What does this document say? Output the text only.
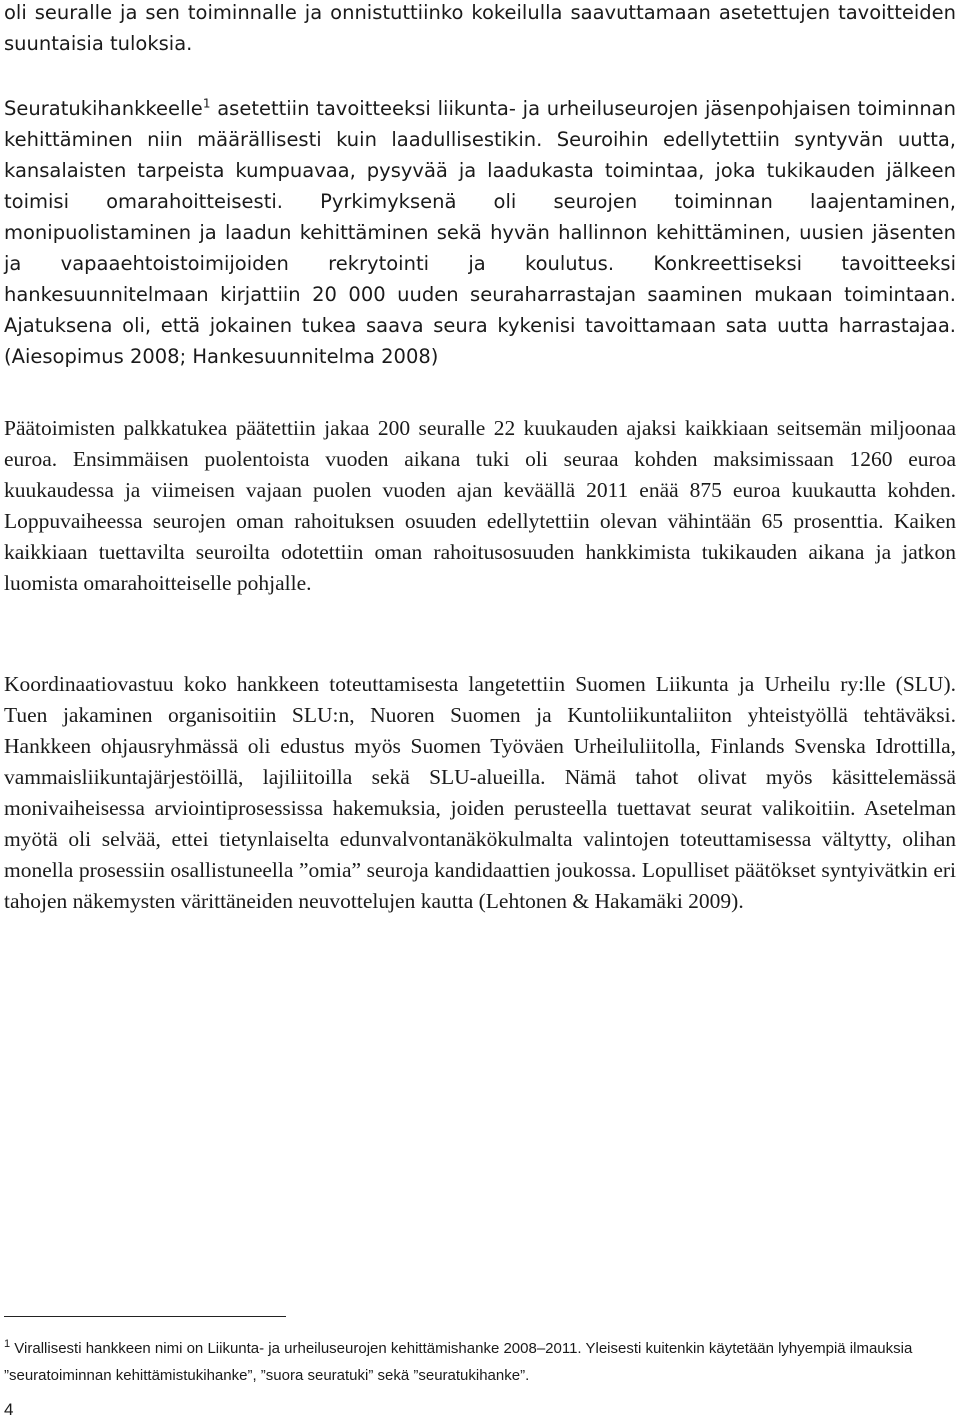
oli seuralle ja sen toiminnalle ja onnistuttiinko kokeilulla saavuttamaan asetettujen tavoitteiden suuntaisia tuloksia.

Seuratukihankkeelle$^1$ asetettiin tavoitteeksi liikunta- ja urheiluseurojen jäsenpohjaisen toiminnan kehittäminen niin määrällisesti kuin laadullisestikin. Seuroihin edellytettiin syntyvän uutta, kansalaisten tarpeista kumpuavaa, pysyvää ja laadukasta toimintaa, joka tukikauden jälkeen toimisi omarahoitteisesti. Pyrkimyksenä oli seurojen toiminnan laajentaminen, monipuolistaminen ja laadun kehittäminen sekä hyvän hallinnon kehittäminen, uusien jäsenten ja vapaaehtoistoimijoiden rekrytointi ja koulutus. Konkreettiseksi tavoitteeksi hankesuunnitelmaan kirjattiin 20 000 uuden seuraharrastajan saaminen mukaan toimintaan. Ajatuksena oli, että jokainen tukea saava seura kykenisi tavoittamaan sata uutta harrastajaa. (Aiesopimus 2008; Hankesuunnitelma 2008)

Päätoimisten palkkatukea päätettiin jakaa 200 seuralle 22 kuukauden ajaksi kaikkiaan seitsemän miljoonaa euroa. Ensimmäisen puolentoista vuoden aikana tuki oli seuraa kohden maksimissaan 1260 euroa kuukaudessa ja viimeisen vajaan puolen vuoden ajan keväällä 2011 enää 875 euroa kuukautta kohden. Loppuvaiheessa seurojen oman rahoituksen osuuden edellytettiin olevan vähintään 65 prosenttia. Kaiken kaikkiaan tuettavilta seuroilta odotettiin oman rahoitusosuuden hankkimista tukikauden aikana ja jatkon luomista omarahoitteiselle pohjalle.

Koordinaatiovastuu koko hankkeen toteuttamisesta langetettiin Suomen Liikunta ja Urheilu ry:lle (SLU). Tuen jakaminen organisoitiin SLU:n, Nuoren Suomen ja Kuntoliikuntaliiton yhteistyöllä tehtäväksi. Hankkeen ohjausryhmässä oli edustus myös Suomen Työväen Urheiluliitolla, Finlands Svenska Idrottilla, vammaisliikuntajärjestöillä, lajiliitoilla sekä SLU-alueilla. Nämä tahot olivat myös käsittelemässä monivaiheisessa arviointiprosessissa hakemuksia, joiden perusteella tuettavat seurat valikoitiin. Asetelman myötä oli selvää, ettei tietynlaiselta edunvalvontanäkökulmalta valintojen toteuttamisessa vältytty, olihan monella prosessiin osallistuneella ”omia” seuroja kandidaattien joukossa. Lopulliset päätökset syntyivätkin eri tahojen näkemysten värittäneiden neuvottelujen kautta (Lehtonen & Hakamäki 2009).

$^1$ Virallisesti hankkeen nimi on Liikunta- ja urheiluseurojen kehittämishanke 2008–2011. Yleisesti kuitenkin käytetään lyhyempiä ilmauksia ”seuratoiminnan kehittämistukihanke”, ”suora seuratuki” sekä ”seuratukihanke”.

4
